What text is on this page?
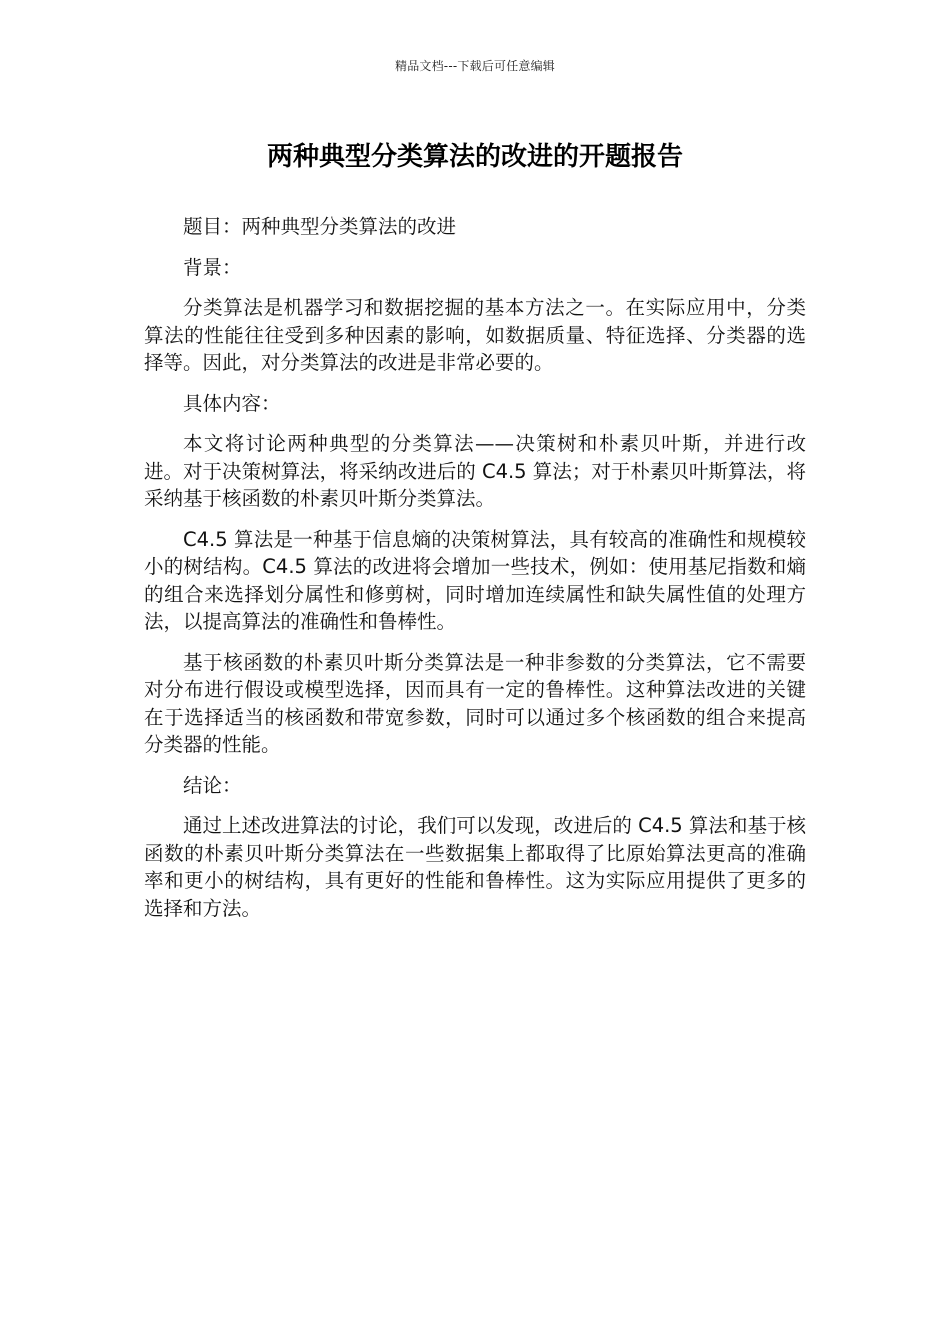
精品文档---下载后可任意编辑
两种典型分类算法的改进的开题报告

题目：两种典型分类算法的改进

背景：

分类算法是机器学习和数据挖掘的基本方法之一。在实际应用中，分类算法的性能往往受到多种因素的影响，如数据质量、特征选择、分类器的选择等。因此，对分类算法的改进是非常必要的。

具体内容：

本文将讨论两种典型的分类算法——决策树和朴素贝叶斯，并进行改进。对于决策树算法，将采纳改进后的 C4.5 算法；对于朴素贝叶斯算法，将采纳基于核函数的朴素贝叶斯分类算法。

C4.5 算法是一种基于信息熵的决策树算法，具有较高的准确性和规模较小的树结构。C4.5 算法的改进将会增加一些技术，例如：使用基尼指数和熵的组合来选择划分属性和修剪树，同时增加连续属性和缺失属性值的处理方法，以提高算法的准确性和鲁棒性。

基于核函数的朴素贝叶斯分类算法是一种非参数的分类算法，它不需要对分布进行假设或模型选择，因而具有一定的鲁棒性。这种算法改进的关键在于选择适当的核函数和带宽参数，同时可以通过多个核函数的组合来提高分类器的性能。

结论：

通过上述改进算法的讨论，我们可以发现，改进后的 C4.5 算法和基于核函数的朴素贝叶斯分类算法在一些数据集上都取得了比原始算法更高的准确率和更小的树结构，具有更好的性能和鲁棒性。这为实际应用提供了更多的选择和方法。
